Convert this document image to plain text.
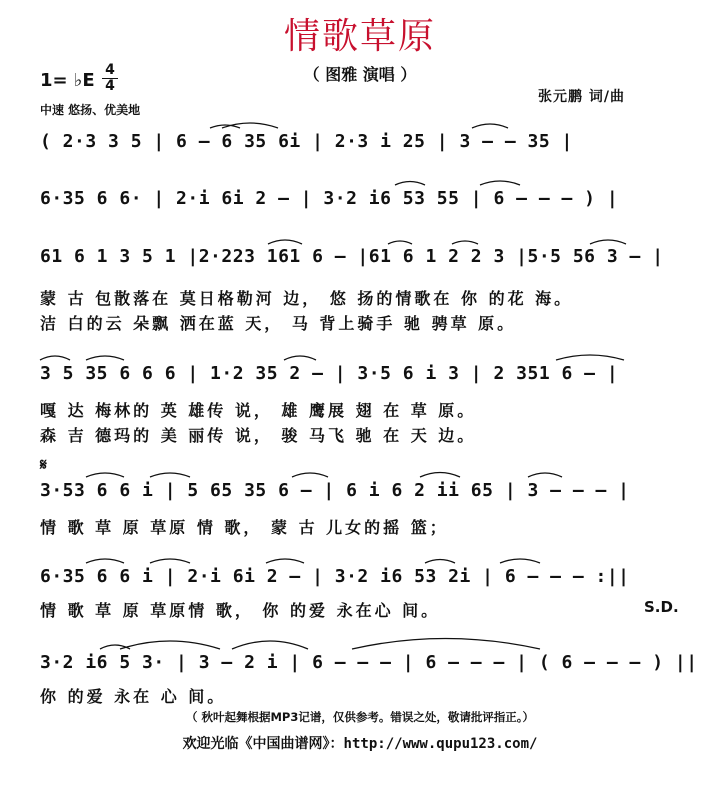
情歌草原
（ 图雅 演唱 ）
1= ♭E 4
4
中速 悠扬、优美地
张元鹏 词/曲
( 2·3 3 5 | 6 – 6 35 6i | 2·3 i 25 | 3 – – 35 |
6·35 6 6· | 2·i 6i 2 – | 3·2 i6 53 55 | 6 – – – ) |
61 6 1 3 5 1 |2·223 161 6 – |61 6 1 2 2 3 |5·5 56 3 – |
蒙 古 包散落在 莫日格勒河 边， 悠 扬的情歌在 你 的花 海。
洁 白的云 朵飘 洒在蓝 天， 马 背上骑手 驰 骋草 原。
3 5 35 6 6 6 | 1·2 35 2 – | 3·5 6 i 3 | 2 351 6 – |
嘎 达 梅林的 英 雄传 说， 雄 鹰展 翅 在 草 原。
森 吉 德玛的 美 丽传 说， 骏 马飞 驰 在 天 边。
𝄋
3·53 6 6 i | 5 65 35 6 – | 6 i 6 2 ii 65 | 3 – – – |
情 歌 草 原 草原 情 歌， 蒙 古 儿女的摇 篮；
6·35 6 6 i | 2·i 6i 2 – | 3·2 i6 53 2i | 6 – – – :||
情 歌 草 原 草原情 歌， 你 的爱 永在心 间。	S.D.
3·2 i6 5 3· | 3 – 2 i | 6 – – – | 6 – – – | ( 6 – – – ) ||
你 的爱 永在 心 间。
（ 秋叶起舞根据MP3记谱，仅供参考。错误之处，敬请批评指正。）
欢迎光临《中国曲谱网》：http://www.qupu123.com/
